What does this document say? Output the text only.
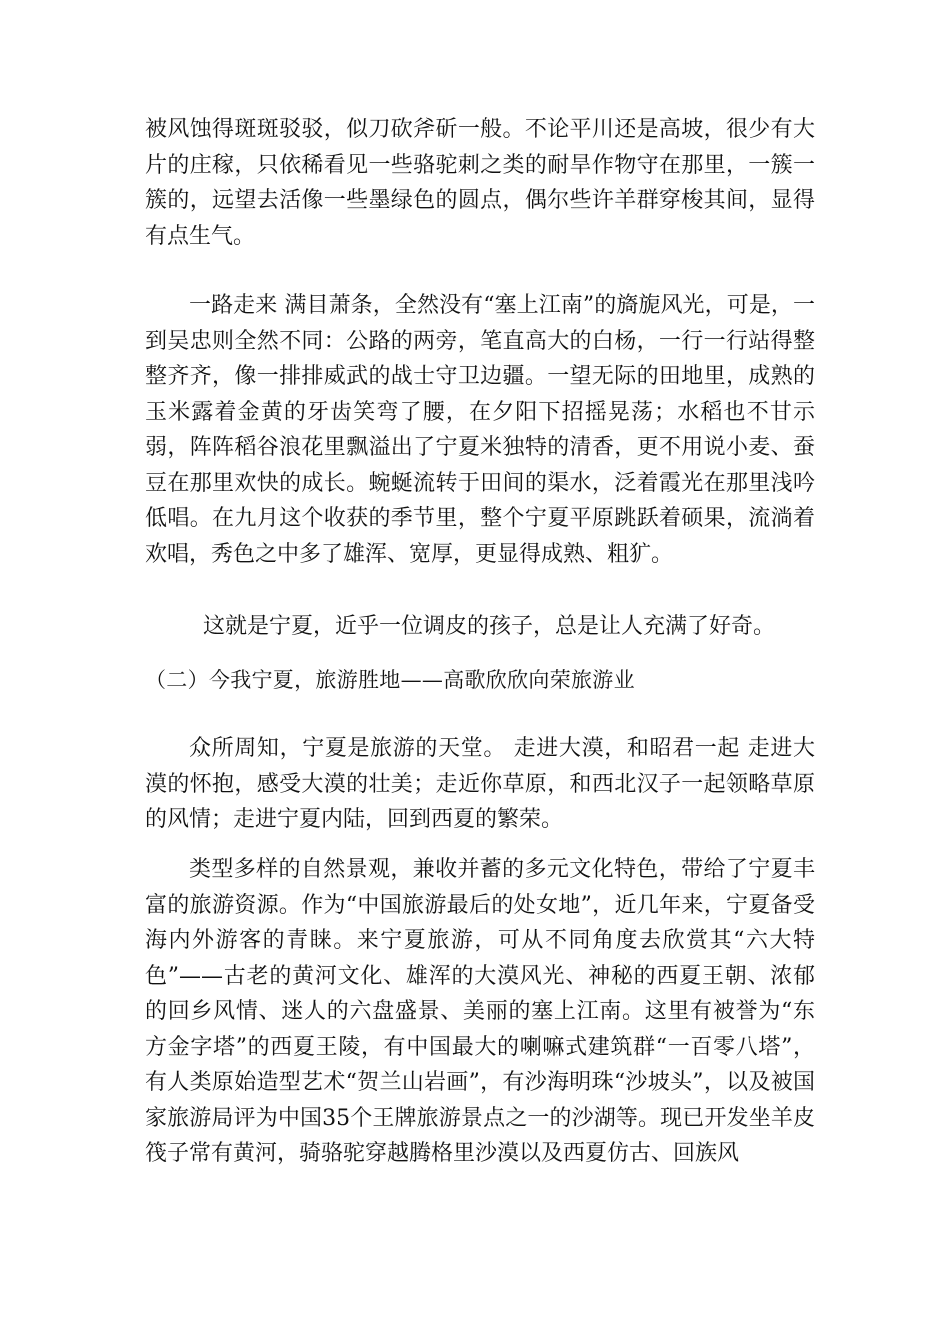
被风蚀得斑斑驳驳，似刀砍斧斫一般。不论平川还是高坡，很少有大片的庄稼，只依稀看见一些骆驼刺之类的耐旱作物守在那里，一簇一簇的，远望去活像一些墨绿色的圆点，偶尔些许羊群穿梭其间，显得有点生气。

一路走来 满目萧条，全然没有“塞上江南”的旖旎风光，可是，一到吴忠则全然不同：公路的两旁，笔直高大的白杨，一行一行站得整整齐齐，像一排排威武的战士守卫边疆。一望无际的田地里，成熟的玉米露着金黄的牙齿笑弯了腰，在夕阳下招摇晃荡；水稻也不甘示弱，阵阵稻谷浪花里飘溢出了宁夏米独特的清香，更不用说小麦、蚕豆在那里欢快的成长。蜿蜒流转于田间的渠水，泛着霞光在那里浅吟低唱。在九月这个收获的季节里，整个宁夏平原跳跃着硕果，流淌着欢唱，秀色之中多了雄浑、宽厚，更显得成熟、粗犷。

这就是宁夏，近乎一位调皮的孩子，总是让人充满了好奇。

（二）今我宁夏，旅游胜地——高歌欣欣向荣旅游业

众所周知，宁夏是旅游的天堂。 走进大漠，和昭君一起 走进大漠的怀抱，感受大漠的壮美；走近你草原，和西北汉子一起领略草原的风情；走进宁夏内陆，回到西夏的繁荣。

类型多样的自然景观，兼收并蓄的多元文化特色，带给了宁夏丰富的旅游资源。作为“中国旅游最后的处女地”，近几年来，宁夏备受海内外游客的青睐。来宁夏旅游，可从不同角度去欣赏其“六大特色”——古老的黄河文化、雄浑的大漠风光、神秘的西夏王朝、浓郁的回乡风情、迷人的六盘盛景、美丽的塞上江南。这里有被誉为“东方金字塔”的西夏王陵，有中国最大的喇嘛式建筑群“一百零八塔”，有人类原始造型艺术“贺兰山岩画”，有沙海明珠“沙坡头”，以及被国家旅游局评为中国35个王牌旅游景点之一的沙湖等。现已开发坐羊皮筏子常有黄河，骑骆驼穿越腾格里沙漠以及西夏仿古、回族风
